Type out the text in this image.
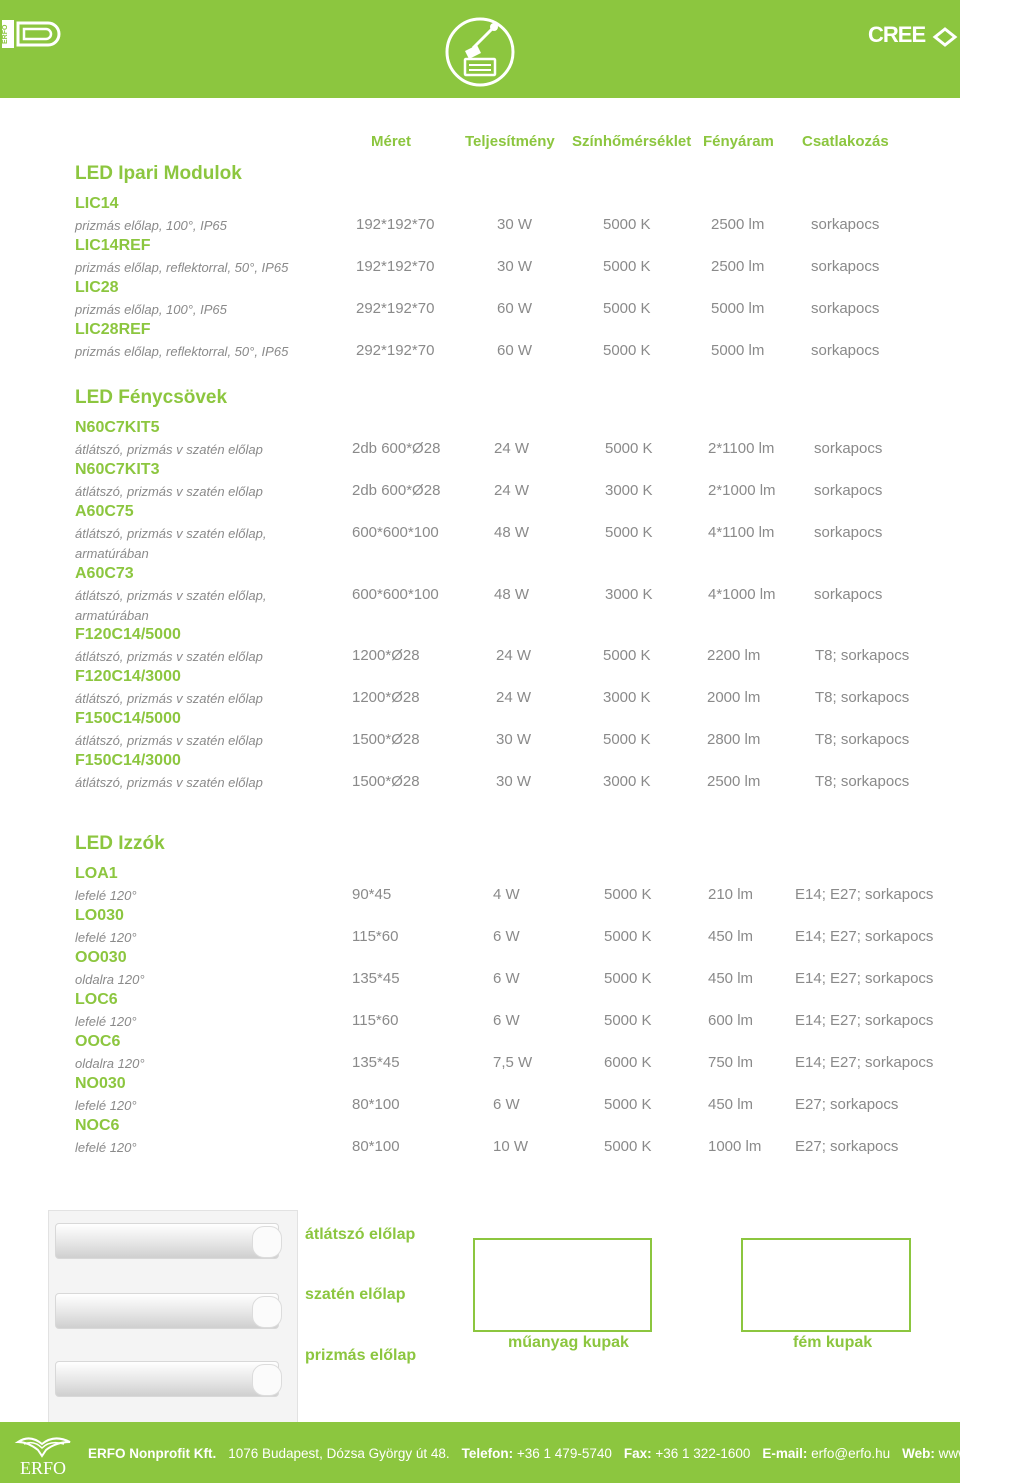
ERFO	CREE
Méret	Teljesítmény Színhőmérséklet Fényáram Csatlakozás
LED Ipari Modulok
LIC14
prizmás előlap, 100°, IP65	192*192*70	30 W	5000 K	2500 lm	sorkapocs
LIC14REF
prizmás előlap, reflektorral, 50°, IP65	192*192*70	30 W	5000 K	2500 lm	sorkapocs
LIC28
prizmás előlap, 100°, IP65	292*192*70	60 W	5000 K	5000 lm	sorkapocs
LIC28REF
prizmás előlap, reflektorral, 50°, IP65	292*192*70	60 W	5000 K	5000 lm	sorkapocs
LED Fénycsövek
N60C7KIT5
átlátszó, prizmás v szatén előlap	2db 600*Ø28	24 W	5000 K	2*1100 lm	sorkapocs
N60C7KIT3
átlátszó, prizmás v szatén előlap	2db 600*Ø28	24 W	3000 K	2*1000 lm	sorkapocs
A60C75
átlátszó, prizmás v szatén előlap,
armatúrában
600*600*100	48 W	5000 K	4*1100 lm	sorkapocs
A60C73
átlátszó, prizmás v szatén előlap,
armatúrában
600*600*100	48 W	3000 K	4*1000 lm	sorkapocs
F120C14/5000
átlátszó, prizmás v szatén előlap	1200*Ø28	24 W	5000 K	2200 lm	T8; sorkapocs
F120C14/3000
átlátszó, prizmás v szatén előlap	1200*Ø28	24 W	3000 K	2000 lm	T8; sorkapocs
F150C14/5000
átlátszó, prizmás v szatén előlap	1500*Ø28	30 W	5000 K	2800 lm	T8; sorkapocs
F150C14/3000
átlátszó, prizmás v szatén előlap	1500*Ø28	30 W	3000 K	2500 lm	T8; sorkapocs
LED Izzók
LOA1
lefelé 120°	90*45	4 W	5000 K	210 lm	E14; E27; sorkapocs
LO030
lefelé 120°	115*60	6 W	5000 K	450 lm	E14; E27; sorkapocs
OO030
oldalra 120°	135*45	6 W	5000 K	450 lm	E14; E27; sorkapocs
LOC6
lefelé 120°	115*60	6 W	5000 K	600 lm	E14; E27; sorkapocs
OOC6
oldalra 120°	135*45	7,5 W	6000 K	750 lm	E14; E27; sorkapocs
NO030
lefelé 120°	80*100	6 W	5000 K	450 lm	E27; sorkapocs
NOC6
lefelé 120°	80*100	10 W	5000 K	1000 lm E27; sorkapocs
átlátszó előlap
szatén előlap
prizmás előlap
műanyag kupak	fém kupak
ERFO
ERFO Nonprofit Kft. 1076 Budapest, Dózsa György út 48. Telefon: +36 1 479-5740 Fax: +36 1 322-1600 E-mail: erfo@erfo.hu Web: www.erfo.hu
